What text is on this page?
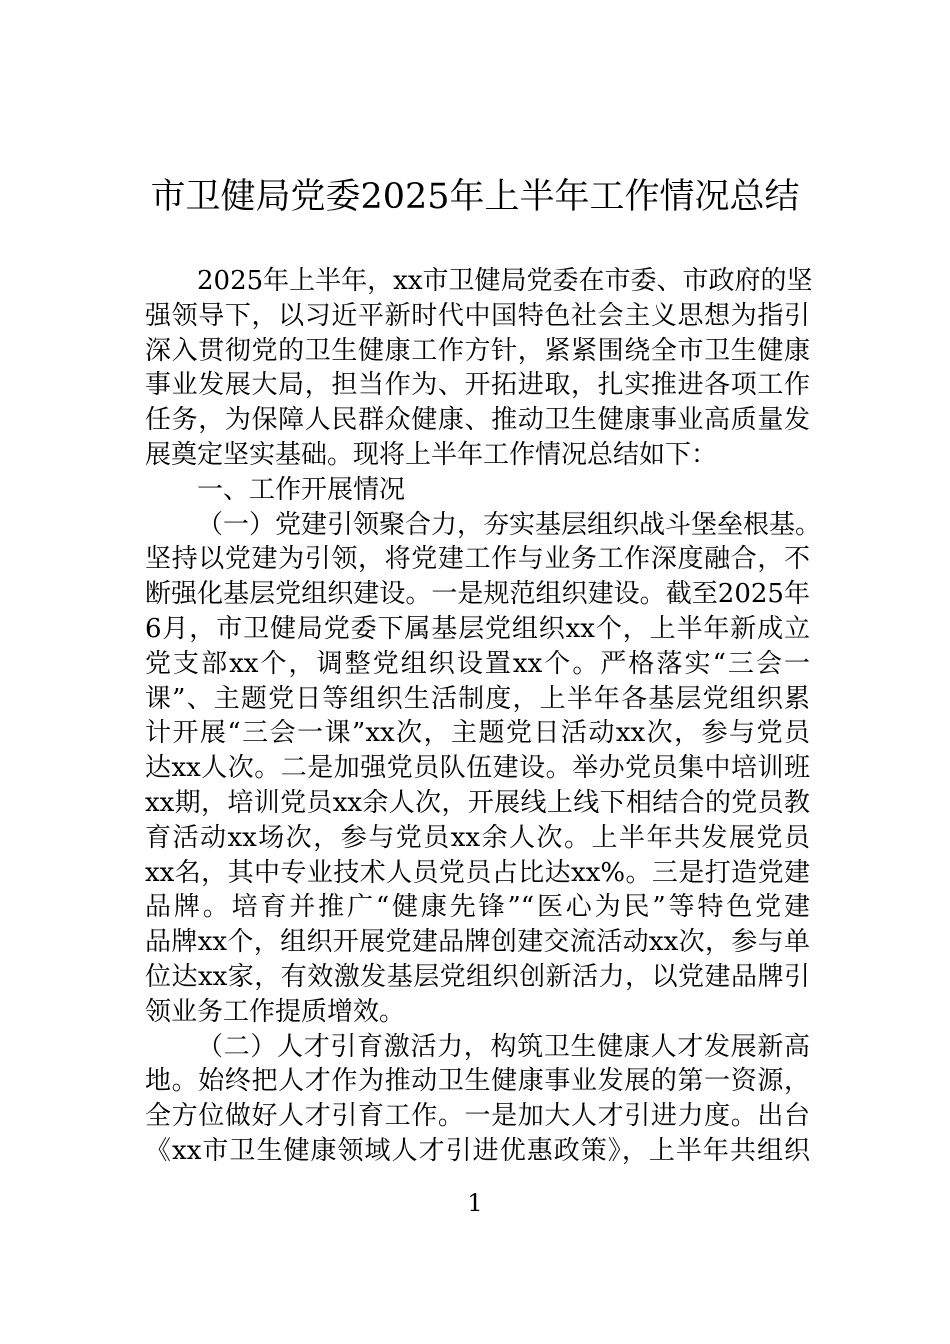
市卫健局党委2025年上半年工作情况总结
2025年上半年，xx市卫健局党委在市委、市政府的坚
强领导下，以习近平新时代中国特色社会主义思想为指引
深入贯彻党的卫生健康工作方针，紧紧围绕全市卫生健康
事业发展大局，担当作为、开拓进取，扎实推进各项工作
任务，为保障人民群众健康、推动卫生健康事业高质量发
展奠定坚实基础。现将上半年工作情况总结如下：
一、工作开展情况
（一）党建引领聚合力，夯实基层组织战斗堡垒根基。
坚持以党建为引领，将党建工作与业务工作深度融合，不
断强化基层党组织建设。一是规范组织建设。截至2025年
6月，市卫健局党委下属基层党组织xx个，上半年新成立
党支部xx个，调整党组织设置xx个。严格落实“三会一
课”、主题党日等组织生活制度，上半年各基层党组织累
计开展“三会一课”xx次，主题党日活动xx次，参与党员
达xx人次。二是加强党员队伍建设。举办党员集中培训班
xx期，培训党员xx余人次，开展线上线下相结合的党员教
育活动xx场次，参与党员xx余人次。上半年共发展党员
xx名，其中专业技术人员党员占比达xx%。三是打造党建
品牌。培育并推广“健康先锋”“医心为民”等特色党建
品牌xx个，组织开展党建品牌创建交流活动xx次，参与单
位达xx家，有效激发基层党组织创新活力，以党建品牌引
领业务工作提质增效。
（二）人才引育激活力，构筑卫生健康人才发展新高
地。始终把人才作为推动卫生健康事业发展的第一资源，
全方位做好人才引育工作。一是加大人才引进力度。出台
《xx市卫生健康领域人才引进优惠政策》，上半年共组织
1
